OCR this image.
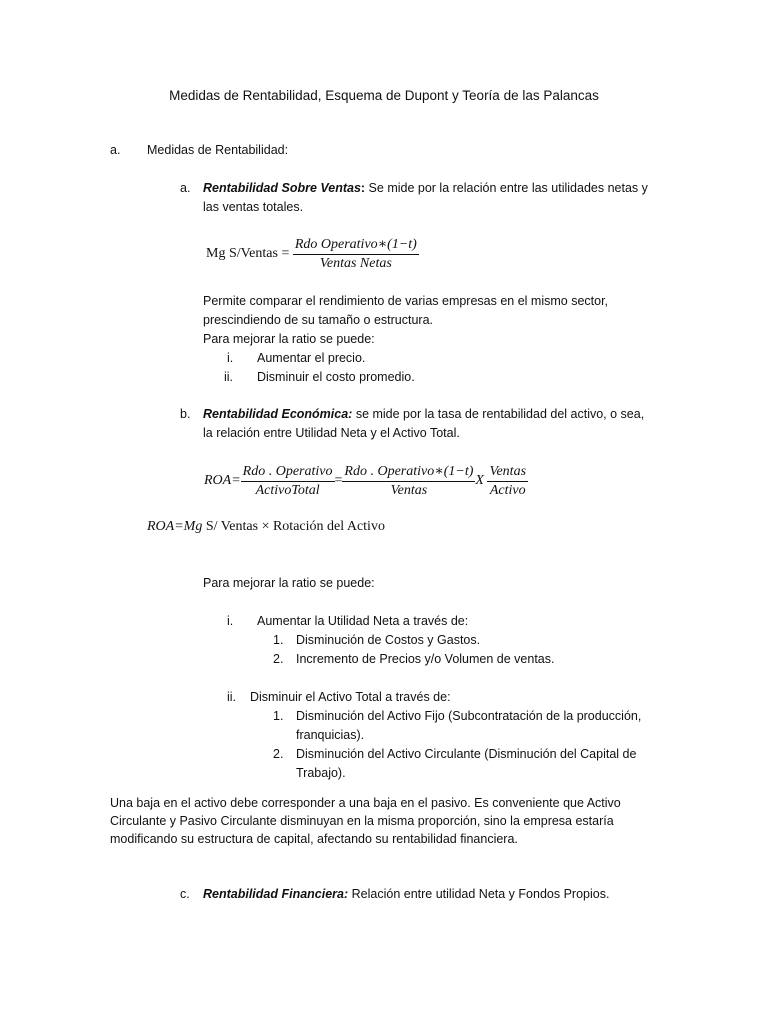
Medidas de Rentabilidad, Esquema de Dupont y Teoría de las Palancas
a. Medidas de Rentabilidad:
a. Rentabilidad Sobre Ventas: Se mide por la relación entre las utilidades netas y
las ventas totales.
Mg S/Ventas = $\frac{\text{Rdo Operativo∗(1−t)}}{\text{Ventas Netas}}$
Permite comparar el rendimiento de varias empresas en el mismo sector,
prescindiendo de su tamaño o estructura.
Para mejorar la ratio se puede:
i. Aumentar el precio.
ii. Disminuir el costo promedio.
b. Rentabilidad Económica: se mide por la tasa de rentabilidad del activo, o sea,
la relación entre Utilidad Neta y el Activo Total.
$ROA= \frac{\text{Rdo . Operativo}}{\text{ActivoTotal}} = \frac{\text{Rdo . Operativo∗(1−t)}}{\text{Ventas}}$ X $\frac{\text{Ventas}}{\text{Activo}}$
ROA=Mg S/ Ventas × Rotación del Activo
Para mejorar la ratio se puede:
i. Aumentar la Utilidad Neta a través de:
1. Disminución de Costos y Gastos.
2. Incremento de Precios y/o Volumen de ventas.
ii. Disminuir el Activo Total a través de:
1. Disminución del Activo Fijo (Subcontratación de la producción,
franquicias).
2. Disminución del Activo Circulante (Disminución del Capital de
Trabajo).
Una baja en el activo debe corresponder a una baja en el pasivo. Es conveniente que Activo
Circulante y Pasivo Circulante disminuyan en la misma proporción, sino la empresa estaría
modificando su estructura de capital, afectando su rentabilidad financiera.
c. Rentabilidad Financiera: Relación entre utilidad Neta y Fondos Propios.
